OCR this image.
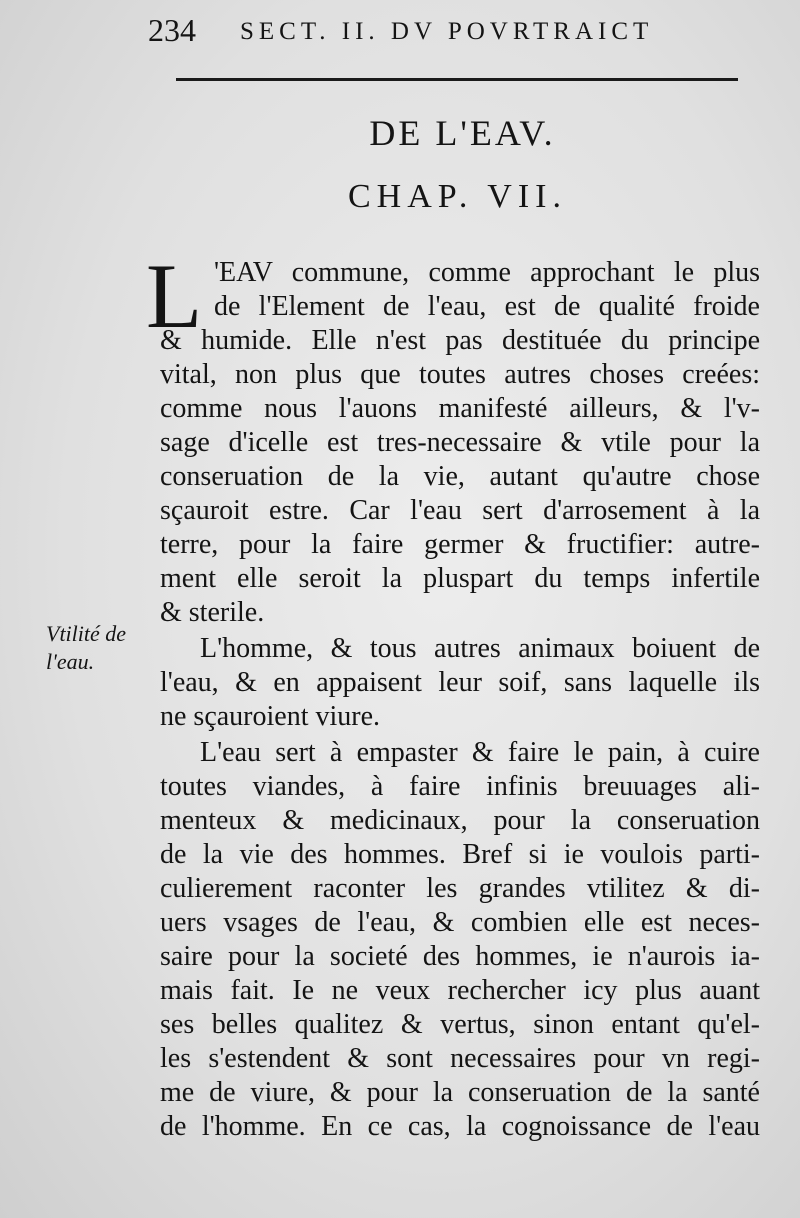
234 SECT. II. DV POVRTRAICT
DE L'EAV.
CHAP. VII.
L
Vtilité de
l'eau.
'EAV commune, comme approchant le plus
de l'Element de l'eau, est de qualité froide
& humide. Elle n'est pas destituée du principe
vital, non plus que toutes autres choses creées:
comme nous l'auons manifesté ailleurs, & l'v-
sage d'icelle est tres-necessaire & vtile pour la
conseruation de la vie, autant qu'autre chose
sçauroit estre. Car l'eau sert d'arrosement à la
terre, pour la faire germer & fructifier: autre-
ment elle seroit la pluspart du temps infertile
& sterile.
L'homme, & tous autres animaux boiuent de
l'eau, & en appaisent leur soif, sans laquelle ils
ne sçauroient viure.
L'eau sert à empaster & faire le pain, à cuire
toutes viandes, à faire infinis breuuages ali-
menteux & medicinaux, pour la conseruation
de la vie des hommes. Bref si ie voulois parti-
culierement raconter les grandes vtilitez & di-
uers vsages de l'eau, & combien elle est neces-
saire pour la societé des hommes, ie n'aurois ia-
mais fait. Ie ne veux rechercher icy plus auant
ses belles qualitez & vertus, sinon entant qu'el-
les s'estendent & sont necessaires pour vn regi-
me de viure, & pour la conseruation de la santé
de l'homme. En ce cas, la cognoissance de l'eau
